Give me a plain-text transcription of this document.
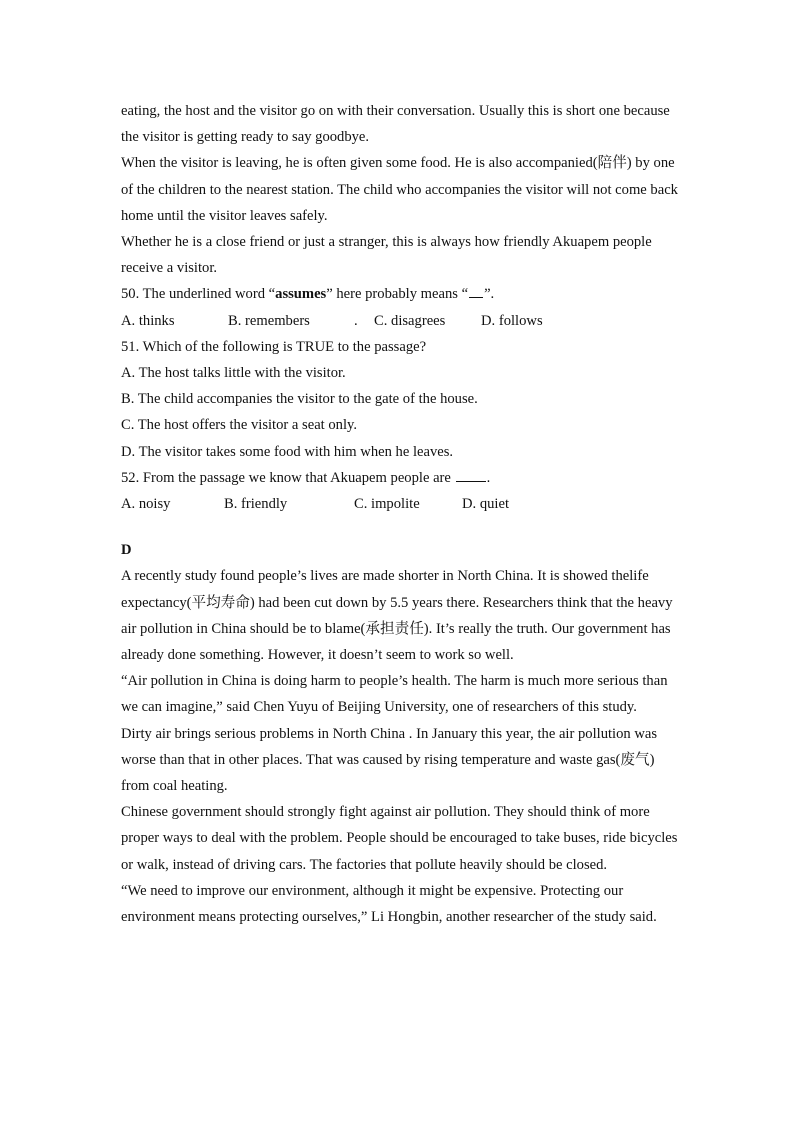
eating, the host and the visitor go on with their conversation. Usually this is short one because the visitor is getting ready to say goodbye.

When the visitor is leaving, he is often given some food. He is also accompanied(陪伴) by one of the children to the nearest station. The child who accompanies the visitor will not come back home until the visitor leaves safely.

Whether he is a close friend or just a stranger, this is always how friendly Akuapem people receive a visitor.

50. The underlined word “assumes” here probably means “ ”.

A. thinks	B. remembers	.	C. disagrees	D. follows

51. Which of the following is TRUE to the passage?

A. The host talks little with the visitor.

B. The child accompanies the visitor to the gate of the house.

C. The host offers the visitor a seat only.

D. The visitor takes some food with him when he leaves.

52. From the passage we know that Akuapem people are .

A. noisy	B. friendly	C. impolite	D. quiet

D

A recently study found people’s lives are made shorter in North China. It is showed thelife expectancy(平均寿命) had been cut down by 5.5 years there. Researchers think that the heavy air pollution in China should be to blame(承担责任). It’s really the truth. Our government has already done something. However, it doesn’t seem to work so well.

“Air pollution in China is doing harm to people’s health. The harm is much more serious than we can imagine,” said Chen Yuyu of Beijing University, one of researchers of this study.

Dirty air brings serious problems in North China . In January this year, the air pollution was worse than that in other places. That was caused by rising temperature and waste gas(废气) from coal heating.

Chinese government should strongly fight against air pollution. They should think of more proper ways to deal with the problem. People should be encouraged to take buses, ride bicycles or walk, instead of driving cars. The factories that pollute heavily should be closed.

“We need to improve our environment, although it might be expensive. Protecting our environment means protecting ourselves,” Li Hongbin, another researcher of the study said.
